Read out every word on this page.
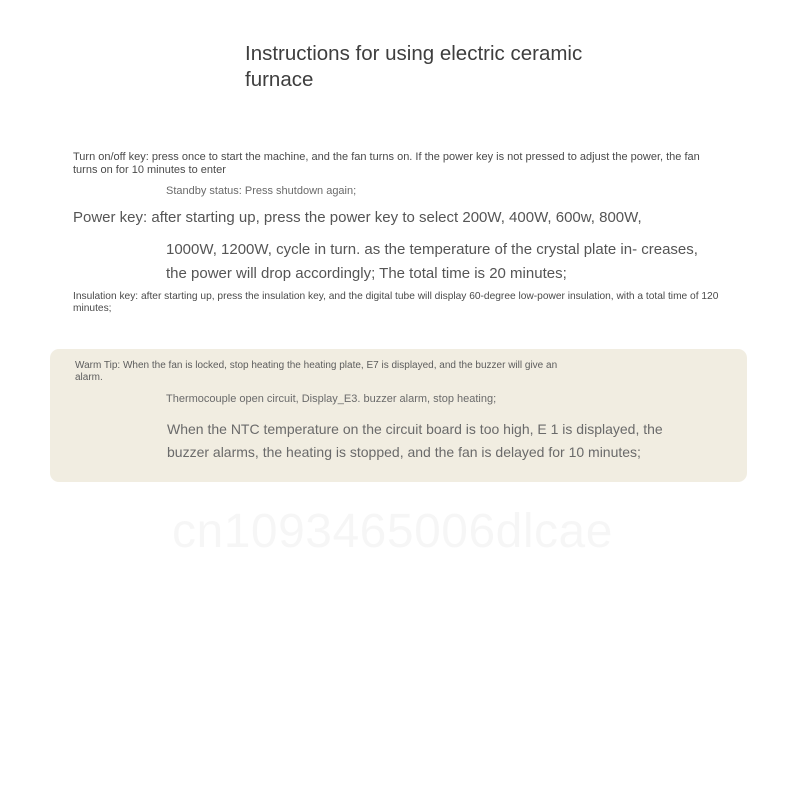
Instructions for using electric ceramic furnace

Turn on/off key: press once to start the machine, and the fan turns on. If the power key is not pressed to adjust the power, the fan turns on for 10 minutes to enter

Standby status: Press shutdown again;

Power key: after starting up, press the power key to select 200W, 400W, 600w, 800W,

1000W, 1200W, cycle in turn. as the temperature of the crystal plate in- creases, the power will drop accordingly; The total time is 20 minutes;

Insulation key: after starting up, press the insulation key, and the digital tube will display 60-degree low-power insulation, with a total time of 120 minutes;

Warm Tip: When the fan is locked, stop heating the heating plate, E7 is displayed, and the buzzer will give an alarm.

Thermocouple open circuit, Display_E3. buzzer alarm, stop heating;

When the NTC temperature on the circuit board is too high, E 1 is displayed, the buzzer alarms, the heating is stopped, and the fan is delayed for 10 minutes;
